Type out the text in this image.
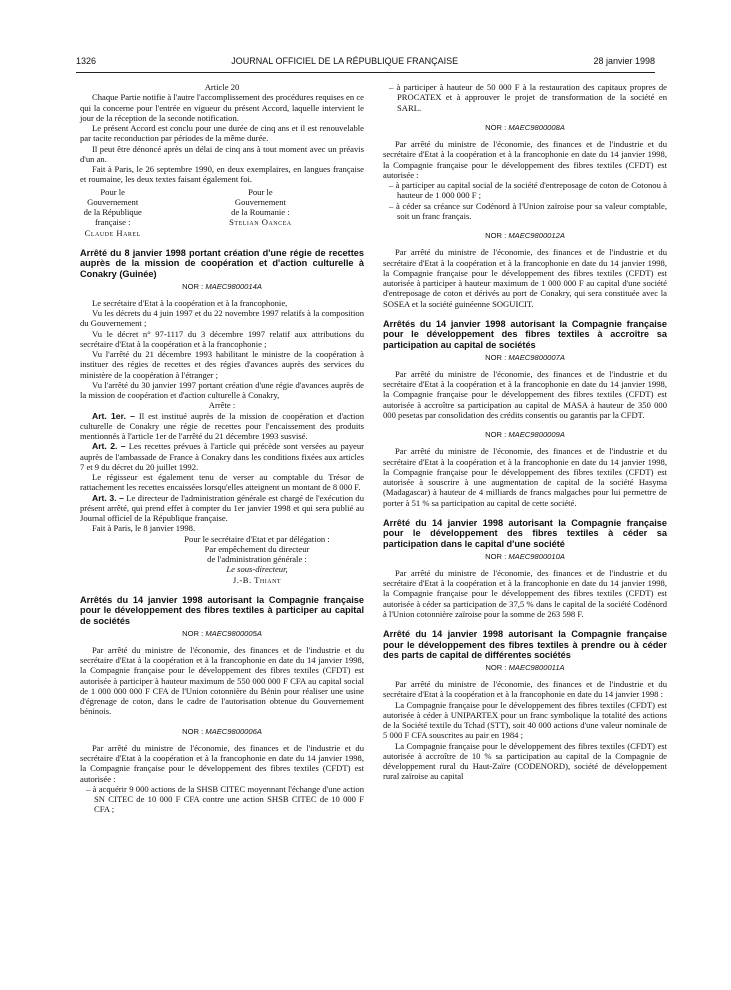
1326	JOURNAL OFFICIEL DE LA RÉPUBLIQUE FRANÇAISE	28 janvier 1998

Article 20

Chaque Partie notifie à l'autre l'accomplissement des procédures requises en ce qui la concerne pour l'entrée en vigueur du présent Accord, laquelle intervient le jour de la réception de la seconde notification.

Le présent Accord est conclu pour une durée de cinq ans et il est renouvelable par tacite reconduction par périodes de la même durée.

Il peut être dénoncé après un délai de cinq ans à tout moment avec un préavis d'un an.

Fait à Paris, le 26 septembre 1990, en deux exemplaires, en langues française et roumaine, les deux textes faisant également foi.

Pour le Gouvernement
de la République française :
Claude Harel
Pour le Gouvernement
de la Roumanie :
Stelian Oancea
Arrêté du 8 janvier 1998 portant création d'une régie de recettes auprès de la mission de coopération et d'action culturelle à Conakry (Guinée)
NOR : MAEC9800014A

Le secrétaire d'Etat à la coopération et à la francophonie,

Vu les décrets du 4 juin 1997 et du 22 novembre 1997 relatifs à la composition du Gouvernement ;

Vu le décret n° 97-1117 du 3 décembre 1997 relatif aux attributions du secrétaire d'Etat à la coopération et à la francophonie ;

Vu l'arrêté du 21 décembre 1993 habilitant le ministre de la coopération à instituer des régies de recettes et des régies d'avances auprès des services du ministère de la coopération à l'étranger ;

Vu l'arrêté du 30 janvier 1997 portant création d'une régie d'avances auprès de la mission de coopération et d'action culturelle à Conakry,

Arrête :

Art. 1er. – Il est institué auprès de la mission de coopération et d'action culturelle de Conakry une régie de recettes pour l'encaissement des produits mentionnés à l'article 1er de l'arrêté du 21 décembre 1993 susvisé.

Art. 2. – Les recettes prévues à l'article qui précède sont versées au payeur auprès de l'ambassade de France à Conakry dans les conditions fixées aux articles 7 et 9 du décret du 20 juillet 1992.

Le régisseur est également tenu de verser au comptable du Trésor de rattachement les recettes encaissées lorsqu'elles atteignent un montant de 8 000 F.

Art. 3. – Le directeur de l'administration générale est chargé de l'exécution du présent arrêté, qui prend effet à compter du 1er janvier 1998 et qui sera publié au Journal officiel de la République française.

Fait à Paris, le 8 janvier 1998.

Pour le secrétaire d'Etat et par délégation :
Par empêchement du directeur
de l'administration générale :
Le sous-directeur,
J.-B. Thiant
Arrêtés du 14 janvier 1998 autorisant la Compagnie française pour le développement des fibres textiles à participer au capital de sociétés
NOR : MAEC9800005A

Par arrêté du ministre de l'économie, des finances et de l'industrie et du secrétaire d'Etat à la coopération et à la francophonie en date du 14 janvier 1998, la Compagnie française pour le développement des fibres textiles (CFDT) est autorisée à participer à hauteur maximum de 550 000 000 F CFA au capital social de 1 000 000 000 F CFA de l'Union cotonnière du Bénin pour réaliser une usine d'égrenage de coton, dans le cadre de l'autorisation obtenue du Gouvernement béninois.

NOR : MAEC9800006A

Par arrêté du ministre de l'économie, des finances et de l'industrie et du secrétaire d'Etat à la coopération et à la francophonie en date du 14 janvier 1998, la Compagnie française pour le développement des fibres textiles (CFDT) est autorisée :

– à acquérir 9 000 actions de la SHSB CITEC moyennant l'échange d'une action SN CITEC de 10 000 F CFA contre une action SHSB CITEC de 10 000 F CFA ;

– à participer à hauteur de 50 000 F à la restauration des capitaux propres de PROCATEX et à approuver le projet de transformation de la société en SARL.

NOR : MAEC9800008A

Par arrêté du ministre de l'économie, des finances et de l'industrie et du secrétaire d'Etat à la coopération et à la francophonie en date du 14 janvier 1998, la Compagnie française pour le développement des fibres textiles (CFDT) est autorisée :

– à participer au capital social de la société d'entreposage de coton de Cotonou à hauteur de 1 000 000 F ;

– à céder sa créance sur Codénord à l'Union zaïroise pour sa valeur comptable, soit un franc français.

NOR : MAEC9800012A

Par arrêté du ministre de l'économie, des finances et de l'industrie et du secrétaire d'Etat à la coopération et à la francophonie en date du 14 janvier 1998, la Compagnie française pour le développement des fibres textiles (CFDT) est autorisée à participer à hauteur maximum de 1 000 000 F au capital d'une société d'entreposage de coton et dérivés au port de Conakry, qui sera constituée avec la SOSEA et la société guinéenne SOGUICIT.

Arrêtés du 14 janvier 1998 autorisant la Compagnie française pour le développement des fibres textiles à accroître sa participation au capital de sociétés
NOR : MAEC9800007A

Par arrêté du ministre de l'économie, des finances et de l'industrie et du secrétaire d'Etat à la coopération et à la francophonie en date du 14 janvier 1998, la Compagnie française pour le développement des fibres textiles (CFDT) est autorisée à accroître sa participation au capital de MASA à hauteur de 350 000 000 pesetas par consolidation des crédits consentis ou garantis par la CFDT.

NOR : MAEC9800009A

Par arrêté du ministre de l'économie, des finances et de l'industrie et du secrétaire d'Etat à la coopération et à la francophonie en date du 14 janvier 1998, la Compagnie française pour le développement des fibres textiles (CFDT) est autorisée à souscrire à une augmentation de capital de la société Hasyma (Madagascar) à hauteur de 4 milliards de francs malgaches pour lui permettre de porter à 51 % sa participation au capital de cette société.

Arrêté du 14 janvier 1998 autorisant la Compagnie française pour le développement des fibres textiles à céder sa participation dans le capital d'une société
NOR : MAEC9800010A

Par arrêté du ministre de l'économie, des finances et de l'industrie et du secrétaire d'Etat à la coopération et à la francophonie en date du 14 janvier 1998, la Compagnie française pour le développement des fibres textiles (CFDT) est autorisée à céder sa participation de 37,5 % dans le capital de la société Codénord à l'Union cotonnière zaïroise pour la somme de 263 598 F.

Arrêté du 14 janvier 1998 autorisant la Compagnie française pour le développement des fibres textiles à prendre ou à céder des parts de capital de différentes sociétés
NOR : MAEC9800011A

Par arrêté du ministre de l'économie, des finances et de l'industrie et du secrétaire d'Etat à la coopération et à la francophonie en date du 14 janvier 1998 :

La Compagnie française pour le développement des fibres textiles (CFDT) est autorisée à céder à UNIPARTEX pour un franc symbolique la totalité des actions de la Société textile du Tchad (STT), soit 40 000 actions d'une valeur nominale de 5 000 F CFA souscrites au pair en 1984 ;

La Compagnie française pour le développement des fibres textiles (CFDT) est autorisée à accroître de 10 % sa participation au capital de la Compagnie de développement rural du Haut-Zaïre (CODENORD), société de développement rural zaïroise au capital
